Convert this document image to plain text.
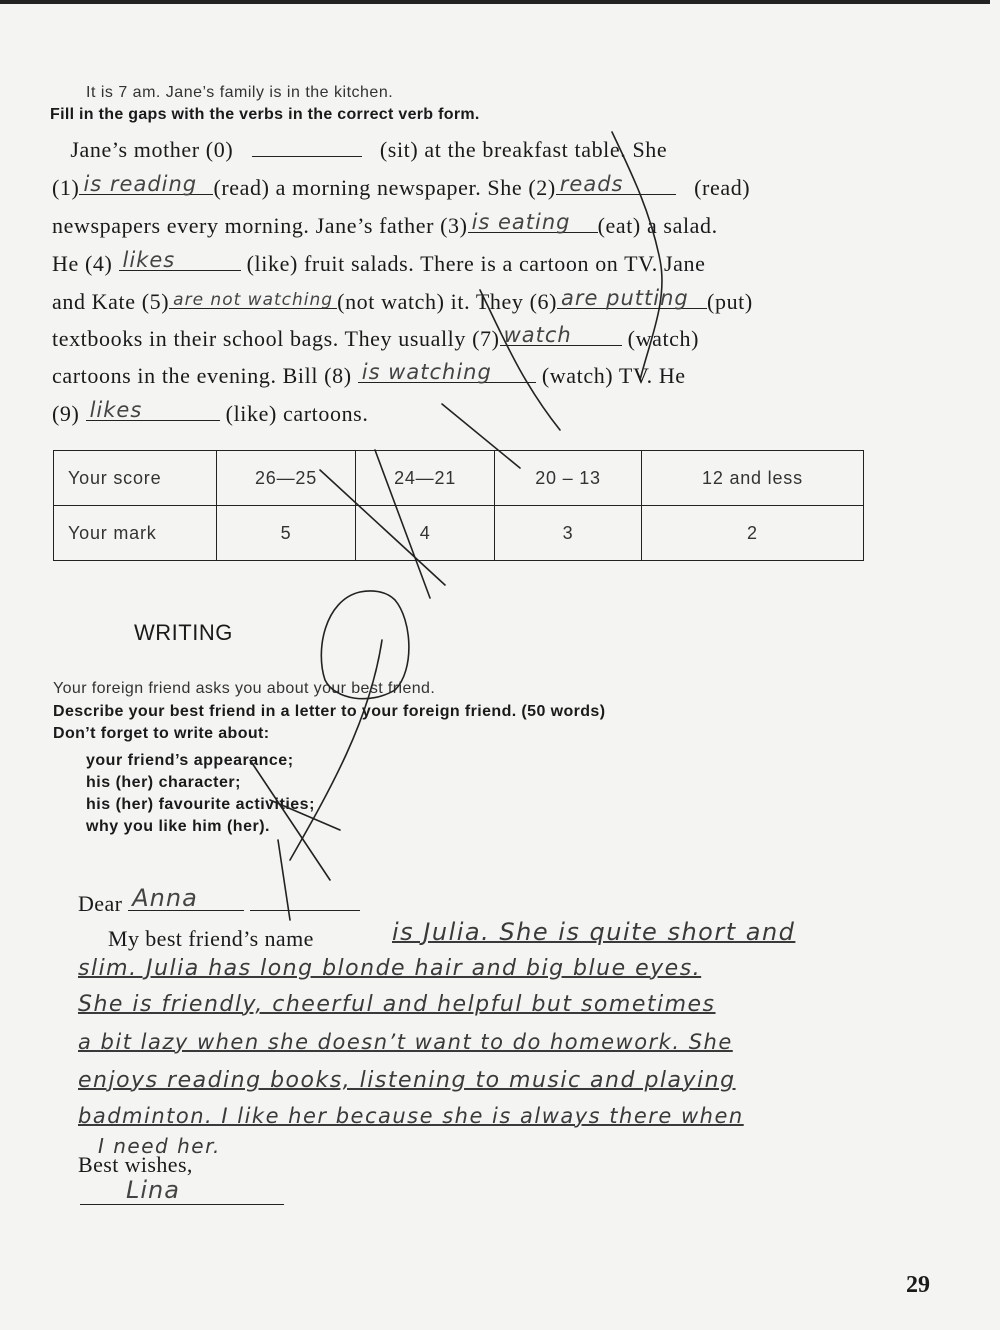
It is 7 am. Jane’s family is in the kitchen.
Fill in the gaps with the verbs in the correct verb form.
Jane’s mother (0)	(sit) at the breakfast table. She
(1) is reading (read) a morning newspaper. She (2) reads	(read)
newspapers every morning. Jane’s father (3) is eating (eat) a salad.
He (4) likes	(like) fruit salads. There is a cartoon on TV. Jane
and Kate (5) are not watching (not watch) it. They (6) are putting (put)
textbooks in their school bags. They usually (7) watch	(watch)
cartoons in the evening. Bill (8) is watching (watch) TV. He
(9) likes	(like) cartoons.
Your score	26—25	24—21	20 – 13	12 and less
Your mark	5	4	3	2
WRITING
Your foreign friend asks you about your best friend.
Describe your best friend in a letter to your foreign friend. (50 words)
Don’t forget to write about:
your friend’s appearance;
his (her) character;
his (her) favourite activities;
why you like him (her).
Dear Anna

My best friend’s name	is Julia. She is quite short and
slim. Julia has long blonde hair and big blue eyes.
She is friendly, cheerful and helpful but sometimes
a bit lazy when she doesn’t want to do homework. She
enjoys reading books, listening to music and playing
badminton. I like her because she is always there when
I need her.
Best wishes,
Lina
29
